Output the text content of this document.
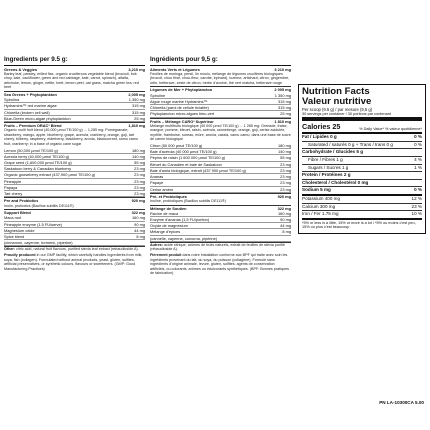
Ingredients per 9.5 g:
Greens & Veggies	3,210 mg
Barley leaf, parsley, milled flax, organic cruciferous vegetable blend (broccoli, bok choy, kale, cauliflower, green and red cabbage, kale, carrot, spinach), alfalfa, artichoke, lemon, ginger, nettle, beet, lemon peel, oat grass, matcha green tea, red beet
Sea Greens + Phytoplankton	2,005 mg
Spirulina	1,350 mg
Hydramins™ red marine algae	315 mg
Chlorella (broken cell wall)	315 mg
Blue-Green micro-algae phytoplankton	25 mg
Fruits – Premium ORAC³ Blend	1,810 mg
Organic multi fruit blend (40,000 µmol TE/100 g) ... 1,285 mg: Pomegranate, strawberry, mango, apple, blueberry, grape, acerola, cranberry, orange, goji, tart cherry, bilberry, raspberry, elderberry, blackberry, aronia, blackcurrant, camu camu fruit, cranberry; in a base of organic cane sugar
Lemon (50,000 µmol TE/100 g)	180 mg
Acerola berry (40,000 µmol TE/100 g)	140 mg
Grape seed (1,600,000 µmol TE/100 g)	55 mg
Saskatoon berry & Canadian blueberry	23 mg
Organic gooseberry extract (437,900 µmol TE/100 g)	23 mg
Pineapple	23 mg
Papaya	23 mg
Tart cherry	23 mg
Pre and Probiotics	920 mg
Inulin, probiotics (Bacillus subtilis DE111®)
Support Blend	322 mg
Maca root	160 mg
Pineapple enzyme (1.5 FU/serve)	90 mg
Magnesium oxide	44 mg
Spice blend	8 mg
(cinnamon, cayenne, turmeric, piperine)
Other: citric acid, natural fruit flavours, purified stevia leaf extract (rebaudioside A).
Proudly produced in our GMP facility, which carefully handles ingredients from milk, soya, fish (collagen). Formulated without animal products, yeast, gluten, sulfites, artificial preservatives, or synthetic colours, flavours or sweeteners. (GMP: Good Manufacturing Practices)
Ingrédients pour 9,5 g:
Aliments Verts et Légumes	3 210 mg
Feuilles de moringa, persil, lin moulu, mélange de légumes crucifères biologiques (brocoli, chou frisé, chou-fleur, carotte, épinard), luzerne, artichaut, citron, gingembre, ortie, betterave, zeste de citron, herbe d'avoine, thé vert matcha, betterave rouge
Légumes de Mer + Phytoplancton	2 005 mg
Spiruline	1 350 mg
Algue rouge marine Hydramins™	315 mg
Chlorella (paroi de cellule éclatée)	315 mg
Phytoplancton micro-algues bleu-vert	25 mg
Fruits – Mélange CARO³ Supérieur	1 810 mg
Mélange multifruits biologique (40 000 µmol TE/100 g) ... 1 285 mg: Grenade, fraise, mangue, pomme, bleuet, raisin, acérola, canneberge, orange, goji, cerise acidulée, myrtille, framboise, sureau, mûre, aronia, cassis, camu camu; dans une base de sucre de canne biologique
Citron (50 000 µmol TE/100 g)	180 mg
Baie d'acérola (40 000 µmol TE/100 g)	140 mg
Pépins de raisin (1 600 000 µmol TE/100 g)	55 mg
Bleuet du Canadien et baie de Saskatoon	23 mg
Baie d'amla biologique, extrait (437 900 µmol TE/100 g)	23 mg
Ananas	23 mg
Papaye	23 mg
Cerise amère	23 mg
Pré- et Probiotiques	920 mg
Inuline, probiotiques (Bacillus subtilis DE111®)
Mélange de Soutien	322 mg
Racine de maca	160 mg
Enzyme d'ananas (1,5 FU/portion)	90 mg
Oxyde de magnésium	44 mg
Mélange d'épices	8 mg
(cannelle, cayenne, curcuma, pipérine)
Autres: acide citrique, arômes de fruits naturels, extrait de feuilles de stévia purifié (rébaudioside A).
Fièrement produit dans notre installation conforme aux BPF qui traite avec soin les ingrédients provenant du lait, du soya, du poisson (collagène). Formulé sans ingrédients d'origine animale, levure, gluten, sulfites, agents de conservation artificiels, ou colorants, arômes ou édulcorants synthétiques. (BPF: Bonnes pratiques de fabrication)
Nutrition Facts
Valeur nutritive
Per scoop (9.5 g) / par mesure (9,5 g)
30 servings per container / 30 portions par contenant
Calories 25	% Daily Value* % valeur quotidienne*
Fat / Lipides 0 g	0 %
Saturated / saturés 0 g + Trans / trans 0 g	0 %
Carbohydrate / Glucides 5 g
Fibre / Fibres 1 g	4 %
Sugars / Sucres 1 g	1 %
Protein / Protéines 2 g
Cholesterol / Cholestérol 0 mg
Sodium 5 mg	0 %
Potassium 400 mg	12 %
Calcium 300 mg	23 %
Iron / Fer 1.75 mg	10 %
*5% or less is a little, 15% or more is a lot / *5% ou moins c'est peu, 15% ou plus c'est beaucoup
PN LA-10300CA 5.00
